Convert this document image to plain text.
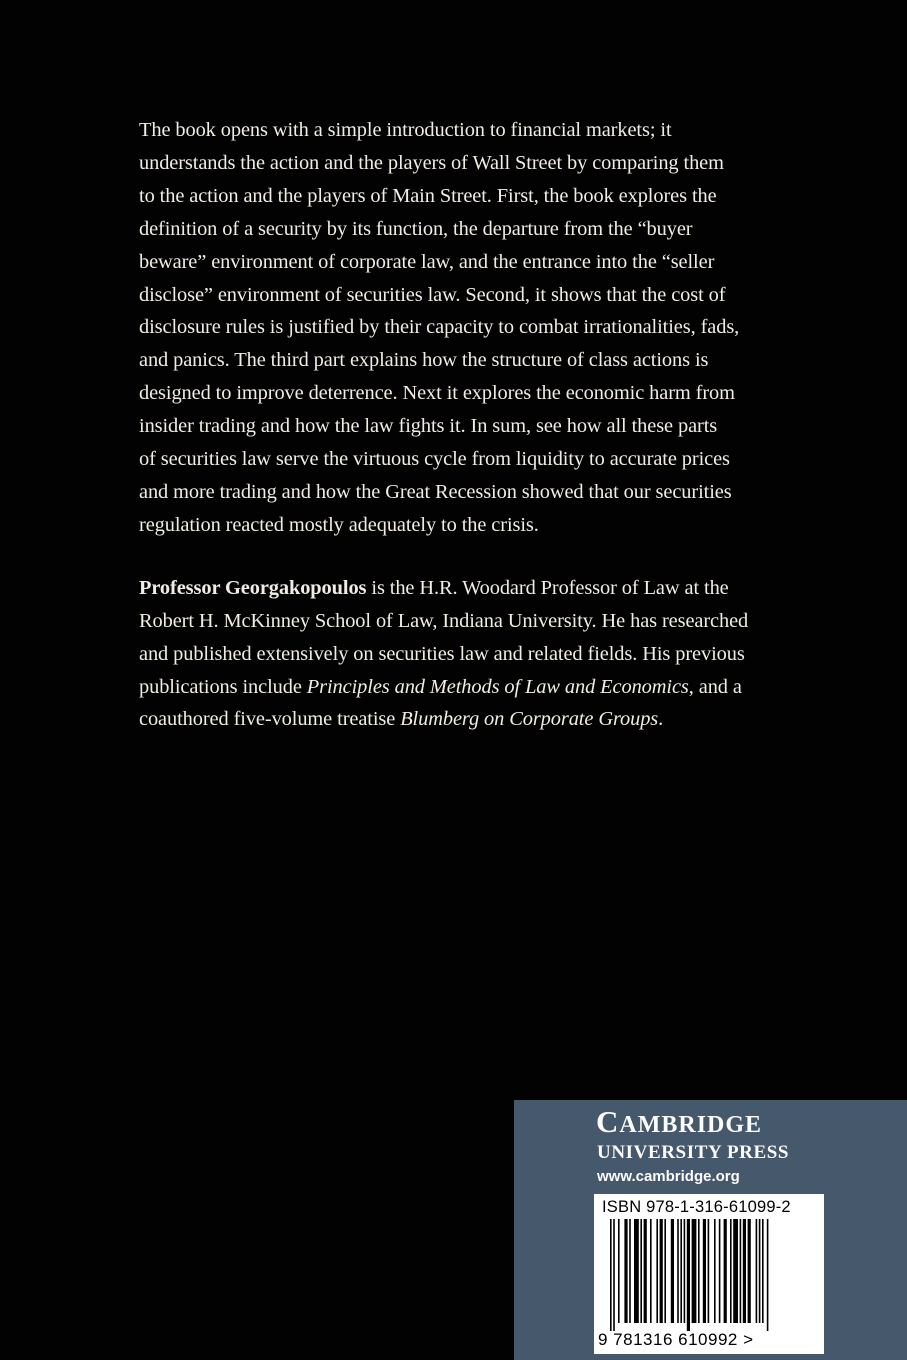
The book opens with a simple introduction to financial markets; it
understands the action and the players of Wall Street by comparing them
to the action and the players of Main Street. First, the book explores the
definition of a security by its function, the departure from the “buyer
beware” environment of corporate law, and the entrance into the “seller
disclose” environment of securities law. Second, it shows that the cost of
disclosure rules is justified by their capacity to combat irrationalities, fads,
and panics. The third part explains how the structure of class actions is
designed to improve deterrence. Next it explores the economic harm from
insider trading and how the law fights it. In sum, see how all these parts
of securities law serve the virtuous cycle from liquidity to accurate prices
and more trading and how the Great Recession showed that our securities
regulation reacted mostly adequately to the crisis.

Professor Georgakopoulos is the H.R. Woodard Professor of Law at the
Robert H. McKinney School of Law, Indiana University. He has researched
and published extensively on securities law and related fields. His previous
publications include Principles and Methods of Law and Economics, and a
coauthored five-volume treatise Blumberg on Corporate Groups.

CAMBRIDGE
UNIVERSITY PRESS
www.cambridge.org
ISBN 978-1-316-61099-2
9 781316 610992 >
